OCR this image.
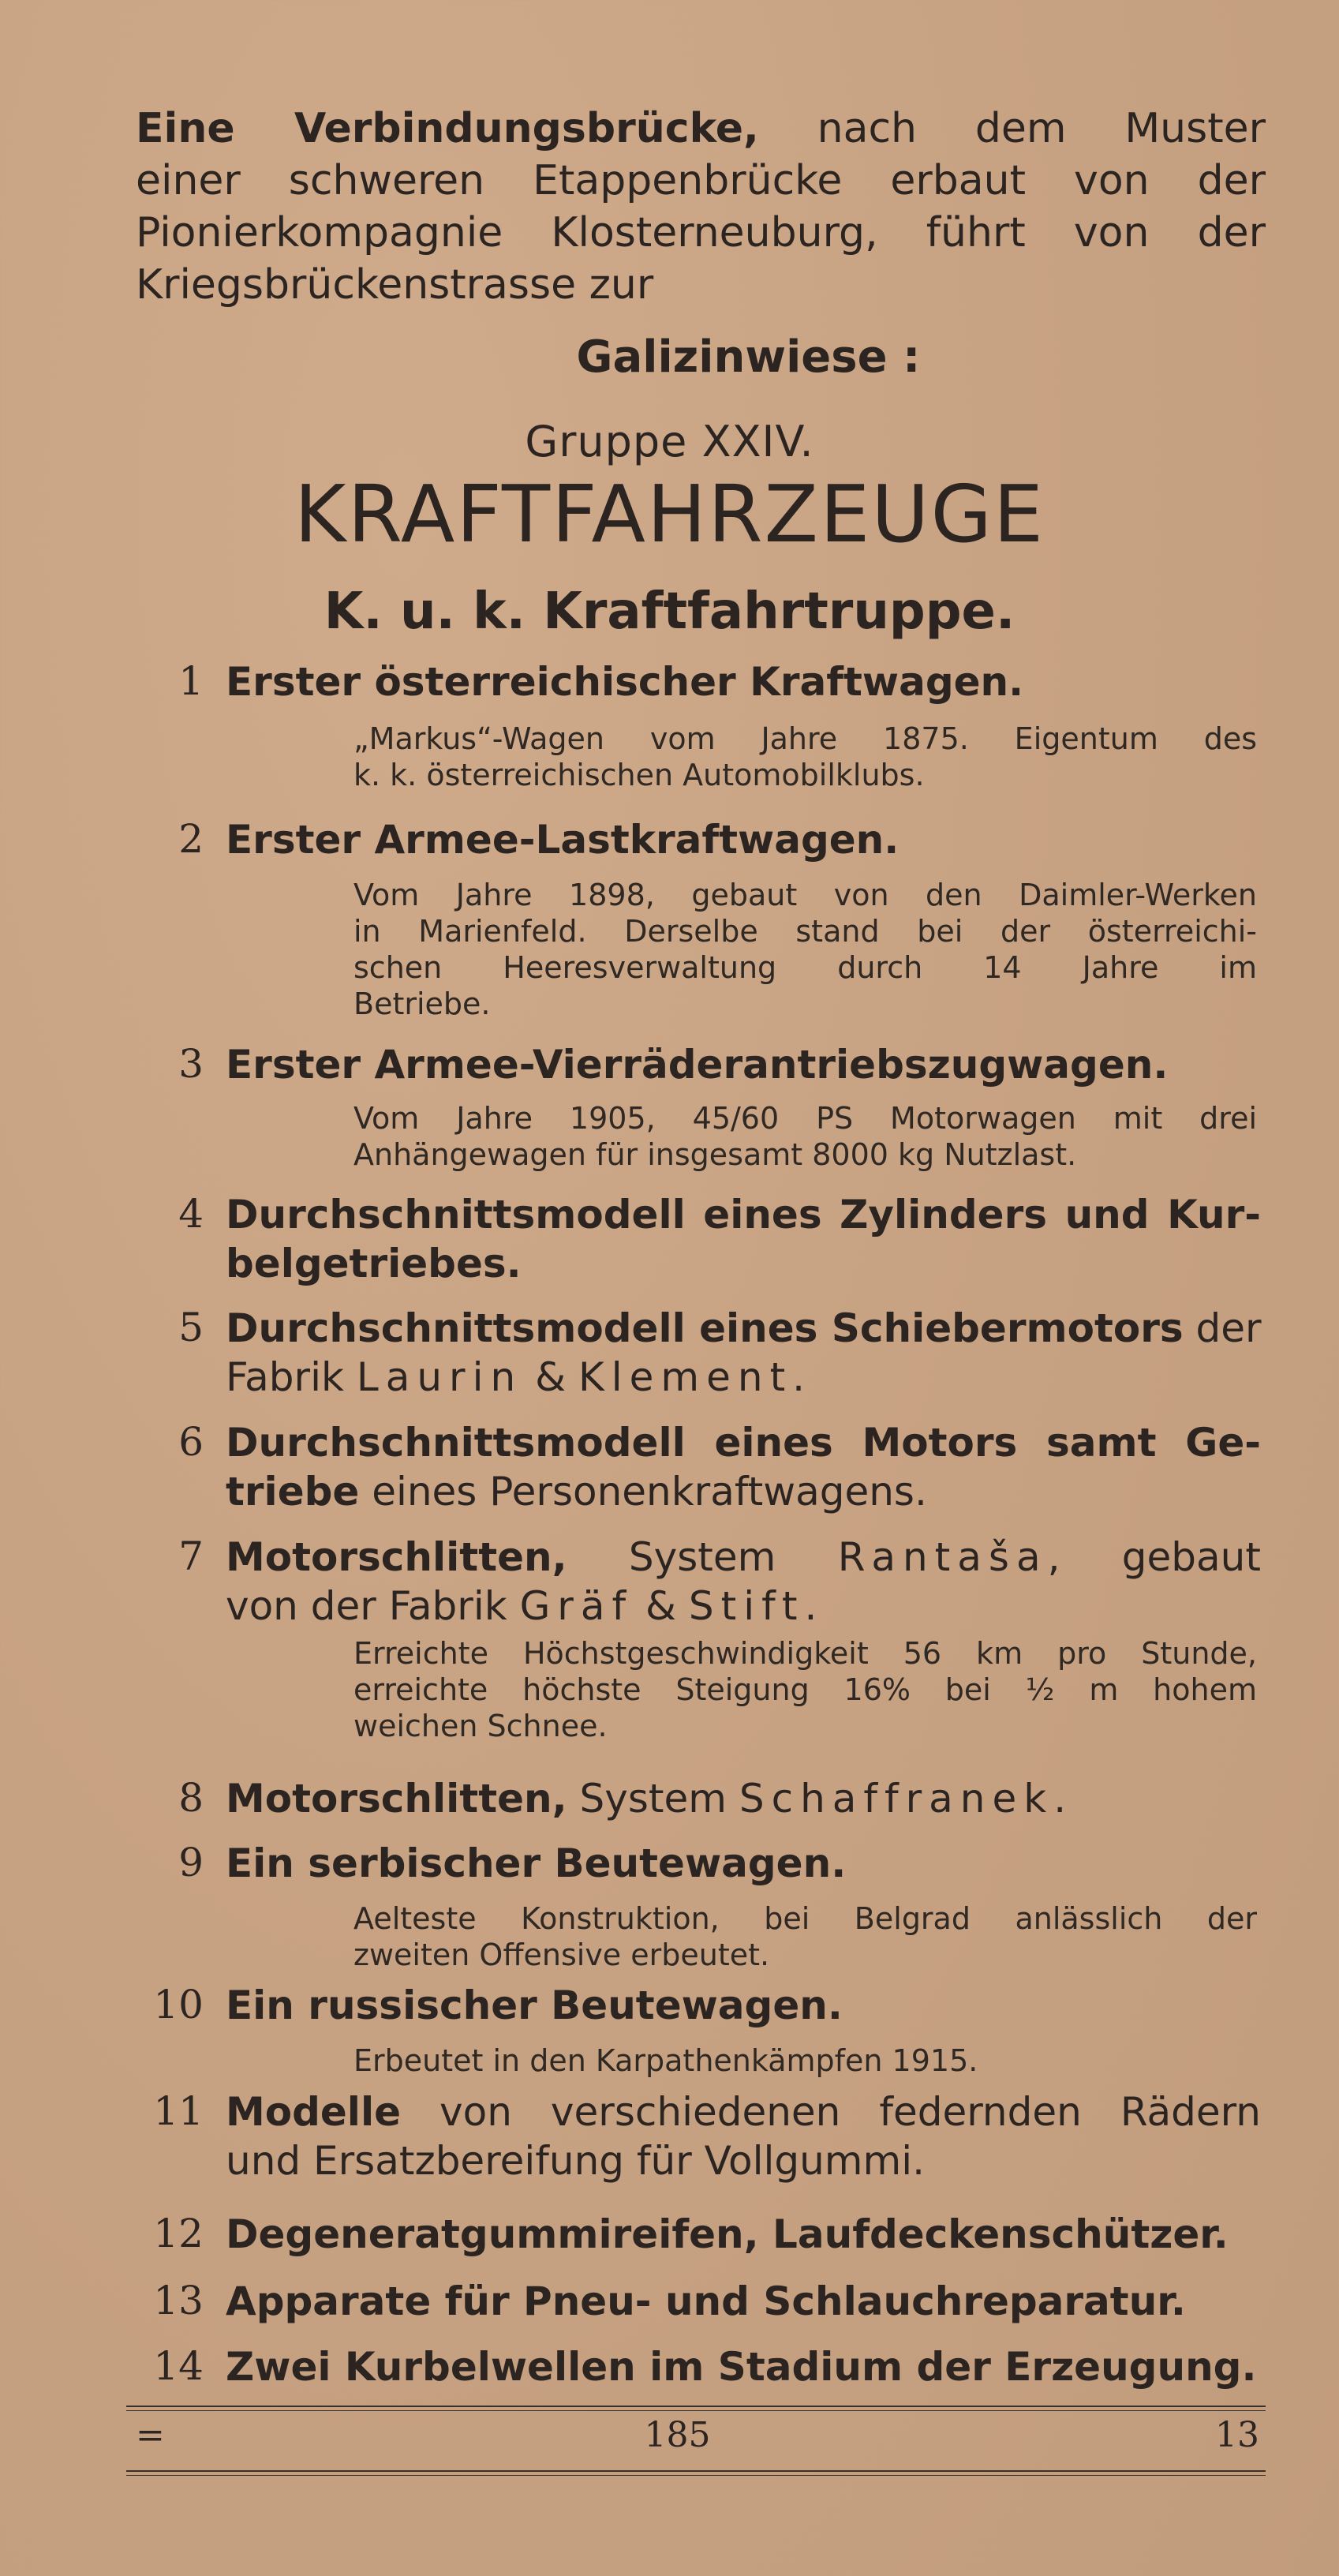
Eine Verbindungsbrücke, nach dem Muster
einer schweren Etappenbrücke erbaut von der
Pionierkompagnie Klosterneuburg, führt von der
Kriegsbrückenstrasse zur
Galizinwiese :
Gruppe XXIV.
KRAFTFAHRZEUGE
K. u. k. Kraftfahrtruppe.
1 Erster österreichischer Kraftwagen.
„Markus“-Wagen vom Jahre 1875. Eigentum des
k. k. österreichischen Automobilklubs.
2 Erster Armee-Lastkraftwagen.
Vom Jahre 1898, gebaut von den Daimler-Werken
in Marienfeld. Derselbe stand bei der österreichi-
schen Heeresverwaltung durch 14 Jahre im
Betriebe.
3 Erster Armee-Vierräderantriebszugwagen.
Vom Jahre 1905, 45/60 PS Motorwagen mit drei
Anhängewagen für insgesamt 8000 kg Nutzlast.
4 Durchschnittsmodell eines Zylinders und Kur-
belgetriebes.
5 Durchschnittsmodell eines Schiebermotors der
Fabrik Laurin & Klement.
6 Durchschnittsmodell eines Motors samt Ge-
triebe eines Personenkraftwagens.
7 Motorschlitten, System Rantaša, gebaut
von der Fabrik Gräf & Stift.
Erreichte Höchstgeschwindigkeit 56 km pro Stunde,
erreichte höchste Steigung 16% bei ½ m hohem
weichen Schnee.
8 Motorschlitten, System Schaffranek.
9 Ein serbischer Beutewagen.
Aelteste Konstruktion, bei Belgrad anlässlich der
zweiten Offensive erbeutet.
10 Ein russischer Beutewagen.
Erbeutet in den Karpathenkämpfen 1915.
11 Modelle von verschiedenen federnden Rädern
und Ersatzbereifung für Vollgummi.
12 Degeneratgummireifen, Laufdeckenschützer.
13 Apparate für Pneu- und Schlauchreparatur.
14 Zwei Kurbelwellen im Stadium der Erzeugung.
=	185	13
